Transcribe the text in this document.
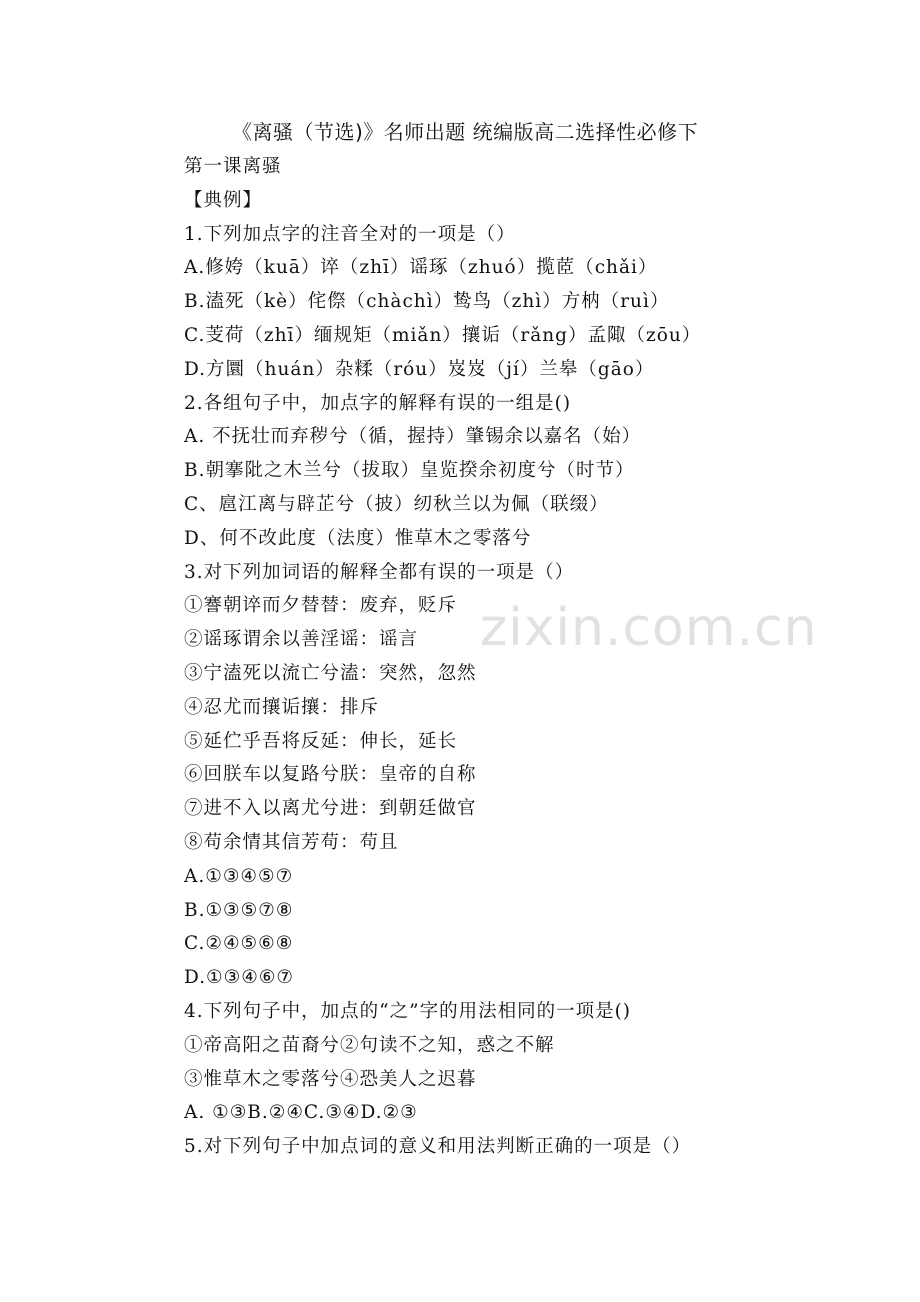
《离骚（节选)》名师出题 统编版高二选择性必修下
第一课离骚
【典例】
1.下列加点字的注音全对的一项是（）
A.修姱（kuā）谇（zhī）谣琢（zhuó）揽茝（chǎi）
B.溘死（kè）侘傺（chàchì）鸷鸟（zhì）方枘（ruì）
C.芰荷（zhī）缅规矩（miǎn）攘诟（rǎng）孟陬（zōu）
D.方圜（huán）杂糅（róu）岌岌（jí）兰皋（gāo）
2.各组句子中，加点字的解释有误的一组是()
A. 不抚壮而弃秽兮（循，握持）肇锡余以嘉名（始）
B.朝搴阰之木兰兮（拔取）皇览揆余初度兮（时节）
C、扈江离与辟芷兮（披）纫秋兰以为佩（联缀）
D、何不改此度（法度）惟草木之零落兮
3.对下列加词语的解释全都有误的一项是（）
①謇朝谇而夕替替：废弃，贬斥
②谣琢谓余以善淫谣：谣言
③宁溘死以流亡兮溘：突然，忽然
④忍尤而攘诟攘：排斥
⑤延伫乎吾将反延：伸长，延长
⑥回朕车以复路兮朕：皇帝的自称
⑦进不入以离尤兮进：到朝廷做官
⑧苟余情其信芳苟：苟且
A.①③④⑤⑦
B.①③⑤⑦⑧
C.②④⑤⑥⑧
D.①③④⑥⑦
4.下列句子中，加点的“之”字的用法相同的一项是()
①帝高阳之苗裔兮②句读不之知，惑之不解
③惟草木之零落兮④恐美人之迟暮
A. ①③B.②④C.③④D.②③
5.对下列句子中加点词的意义和用法判断正确的一项是（）
zixin.com.cn
